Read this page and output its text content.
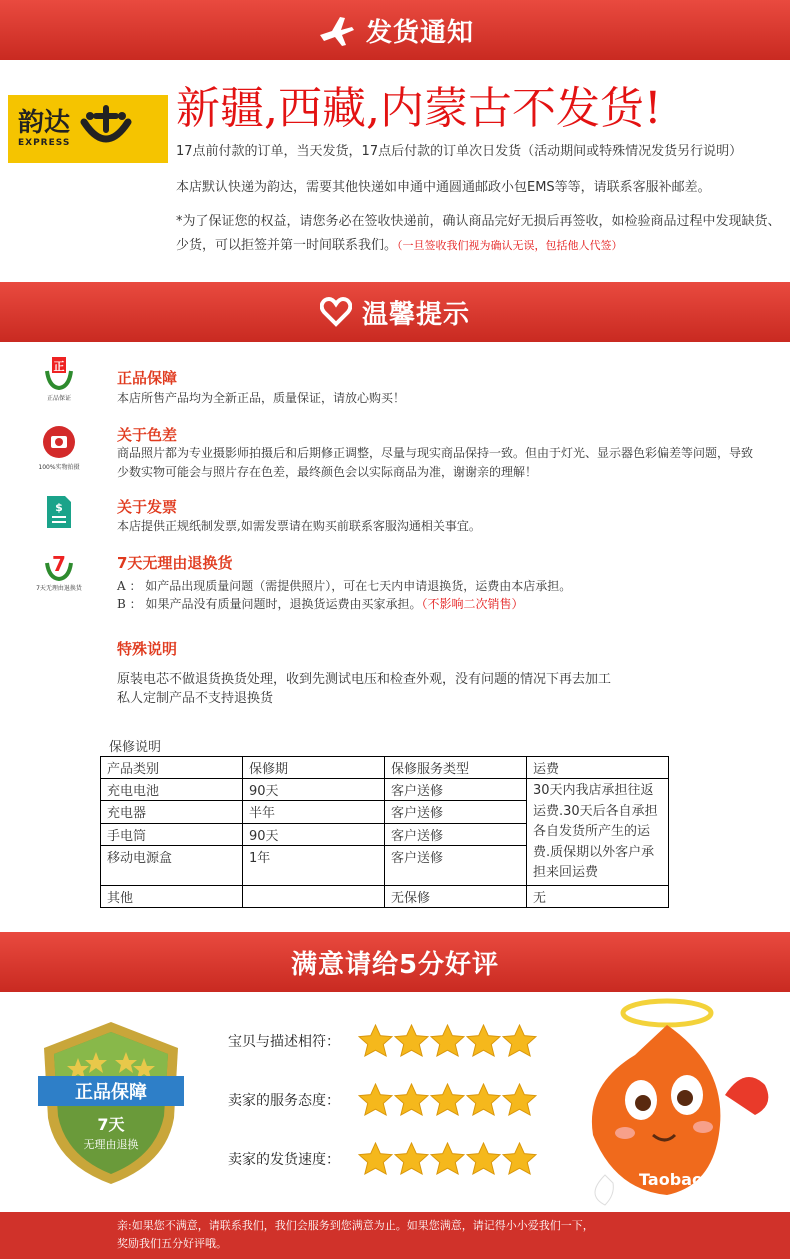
发货通知
韵达
EXPRESS
新疆,西藏,内蒙古不发货!
17点前付款的订单，当天发货，17点后付款的订单次日发货（活动期间或特殊情况发货另行说明）
本店默认快递为韵达，需要其他快递如申通中通圆通邮政小包EMS等等，请联系客服补邮差。
*为了保证您的权益，请您务必在签收快递前，确认商品完好无损后再签收，如检验商品过程中发现缺货、少货，可以拒签并第一时间联系我们。（一旦签收我们视为确认无误，包括他人代签）
温馨提示
正
正品保证
正品保障
本店所售产品均为全新正品，质量保证，请放心购买！
100%实物拍摄
关于色差
商品照片都为专业摄影师拍摄后和后期修正调整，尽量与现实商品保持一致。但由于灯光、显示器色彩偏差等问题，导致少数实物可能会与照片存在色差，最终颜色会以实际商品为准，谢谢亲的理解！
$	关于发票
本店提供正规纸制发票,如需发票请在购买前联系客服沟通相关事宜。
7
7天无理由退换货
7天无理由退换货
A ： 如产品出现质量问题（需提供照片），可在七天内申请退换货，运费由本店承担。
B ： 如果产品没有质量问题时，退换货运费由买家承担。（不影响二次销售）
特殊说明
原装电芯不做退货换货处理，收到先测试电压和检查外观，没有问题的情况下再去加工
私人定制产品不支持退换货
保修说明
产品类别	保修期	保修服务类型	运费
充电电池	90天	客户送修	30天内我店承担往返运费.30天后各自承担各自发货所产生的运费.质保期以外客户承担来回运费
充电器	半年	客户送修	
手电筒	90天	客户送修	
移动电源盒	1年	客户送修	
其他		无保修	无
满意请给5分好评
正品保障
7天
无理由退换
宝贝与描述相符：
卖家的服务态度：
卖家的发货速度：
Taobao
亲:如果您不满意，请联系我们，我们会服务到您满意为止。如果您满意，请记得小小爱我们一下，
奖励我们五分好评哦。
